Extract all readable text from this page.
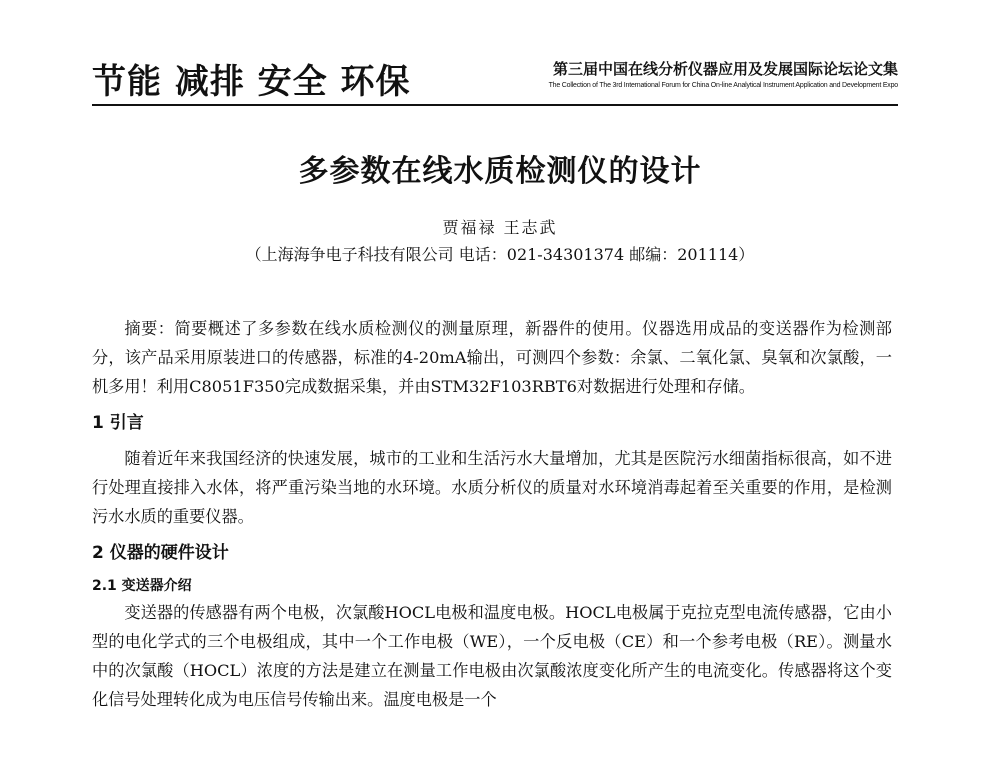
节能 减排 安全 环保	第三届中国在线分析仪器应用及发展国际论坛论文集
The Collection of The 3rd International Forum for China On-line Analytical Instrument Application and Development Expo
多参数在线水质检测仪的设计
贾福禄 王志武
（上海海争电子科技有限公司 电话：021-34301374 邮编：201114）

摘要：简要概述了多参数在线水质检测仪的测量原理，新器件的使用。仪器选用成品的变送器作为检测部分，该产品采用原装进口的传感器，标准的4-20mA输出，可测四个参数：余氯、二氧化氯、臭氧和次氯酸，一机多用！利用C8051F350完成数据采集，并由STM32F103RBT6对数据进行处理和存储。

1 引言

随着近年来我国经济的快速发展，城市的工业和生活污水大量增加，尤其是医院污水细菌指标很高，如不进行处理直接排入水体，将严重污染当地的水环境。水质分析仪的质量对水环境消毒起着至关重要的作用，是检测污水水质的重要仪器。

2 仪器的硬件设计
2.1 变送器介绍

变送器的传感器有两个电极，次氯酸HOCL电极和温度电极。HOCL电极属于克拉克型电流传感器，它由小型的电化学式的三个电极组成，其中一个工作电极（WE），一个反电极（CE）和一个参考电极（RE）。测量水中的次氯酸（HOCL）浓度的方法是建立在测量工作电极由次氯酸浓度变化所产生的电流变化。传感器将这个变化信号处理转化成为电压信号传输出来。温度电极是一个
